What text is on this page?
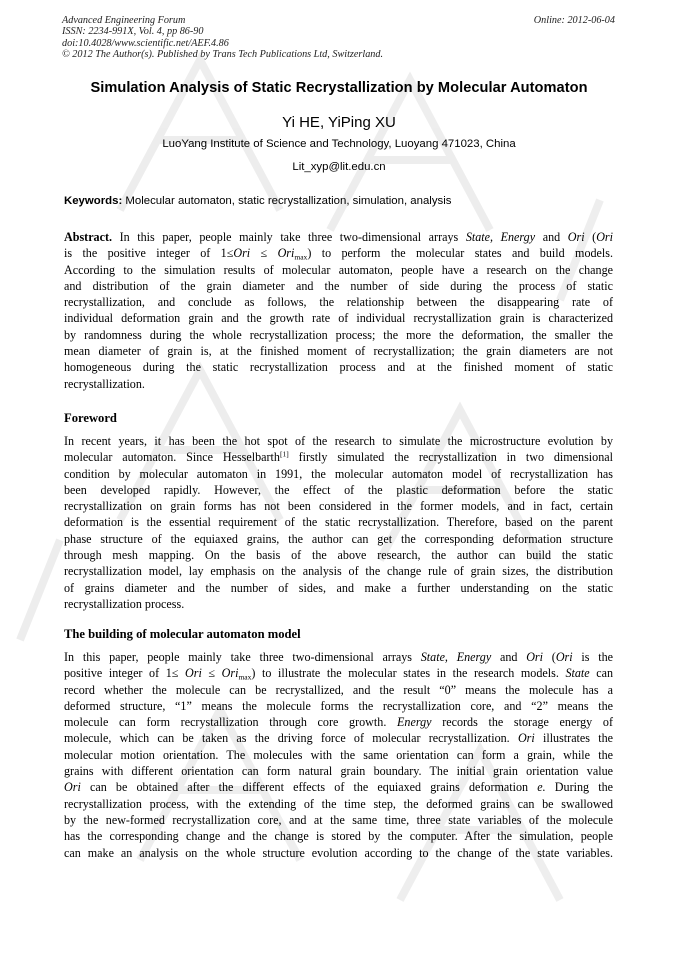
Advanced Engineering Forum
ISSN: 2234-991X, Vol. 4, pp 86-90
doi:10.4028/www.scientific.net/AEF.4.86
© 2012 The Author(s). Published by Trans Tech Publications Ltd, Switzerland.
Online: 2012-06-04
Simulation Analysis of Static Recrystallization by Molecular Automaton
Yi HE, YiPing XU
LuoYang Institute of Science and Technology, Luoyang 471023, China
Lit_xyp@lit.edu.cn
Keywords: Molecular automaton, static recrystallization, simulation, analysis
Abstract. In this paper, people mainly take three two-dimensional arrays State, Energy and Ori (Ori
is the positive integer of 1≤Ori ≤ Ori$_{max}$) to perform the molecular states and build models.
According to the simulation results of molecular automaton, people have a research on the change
and distribution of the grain diameter and the number of side during the process of static
recrystallization, and conclude as follows, the relationship between the disappearing rate of
individual deformation grain and the growth rate of individual recrystallization grain is characterized
by randomness during the whole recrystallization process; the more the deformation, the smaller the
mean diameter of grain is, at the finished moment of recrystallization; the grain diameters are not
homogeneous during the static recrystallization process and at the finished moment of static
recrystallization.
Foreword
In recent years, it has been the hot spot of the research to simulate the microstructure evolution by
molecular automaton. Since Hesselbarth[1] firstly simulated the recrystallization in two dimensional
condition by molecular automaton in 1991, the molecular automaton model of recrystallization has
been developed rapidly. However, the effect of the plastic deformation before the static
recrystallization on grain forms has not been considered in the former models, and in fact, certain
deformation is the essential requirement of the static recrystallization. Therefore, based on the parent
phase structure of the equiaxed grains, the author can get the corresponding deformation structure
through mesh mapping. On the basis of the above research, the author can build the static
recrystallization model, lay emphasis on the analysis of the change rule of grain sizes, the distribution
of grains diameter and the number of sides, and make a further understanding on the static
recrystallization process.
The building of molecular automaton model
In this paper, people mainly take three two-dimensional arrays State, Energy and Ori (Ori is the
positive integer of 1≤ Ori ≤ Ori$_{max}$) to illustrate the molecular states in the research models. State can
record whether the molecule can be recrystallized, and the result “0” means the molecule has a
deformed structure, “1” means the molecule forms the recrystallization core, and “2” means the
molecule can form recrystallization through core growth. Energy records the storage energy of
molecule, which can be taken as the driving force of molecular recrystallization. Ori illustrates the
molecular motion orientation. The molecules with the same orientation can form a grain, while the
grains with different orientation can form natural grain boundary. The initial grain orientation value
Ori can be obtained after the different effects of the equiaxed grains deformation e. During the
recrystallization process, with the extending of the time step, the deformed grains can be swallowed
by the new-formed recrystallization core, and at the same time, three state variables of the molecule
has the corresponding change and the change is stored by the computer. After the simulation, people
can make an analysis on the whole structure evolution according to the change of the state variables.
